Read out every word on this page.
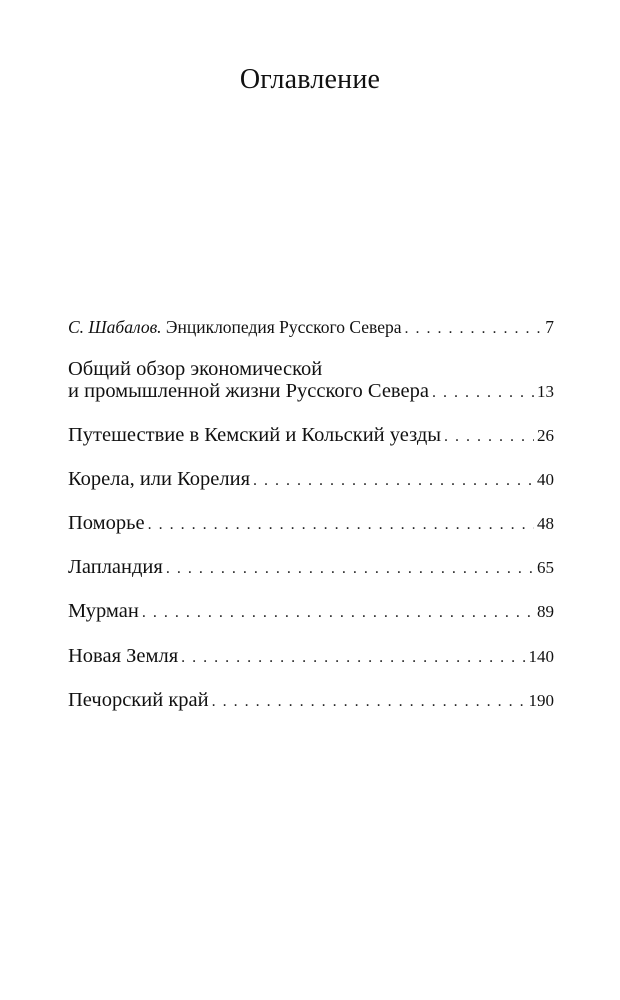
Оглавление
С. Шабалов. Энциклопедия Русского Севера . . .	7
Общий обзор экономической
и промышленной жизни Русского Севера . . .	13
Путешествие в Кемский и Кольский уезды . . .	26
Корела, или Корелия . . .	40
Поморье . . .	48
Лапландия . . .	65
Мурман . . .	89
Новая Земля . . .	140
Печорский край . . .	190
